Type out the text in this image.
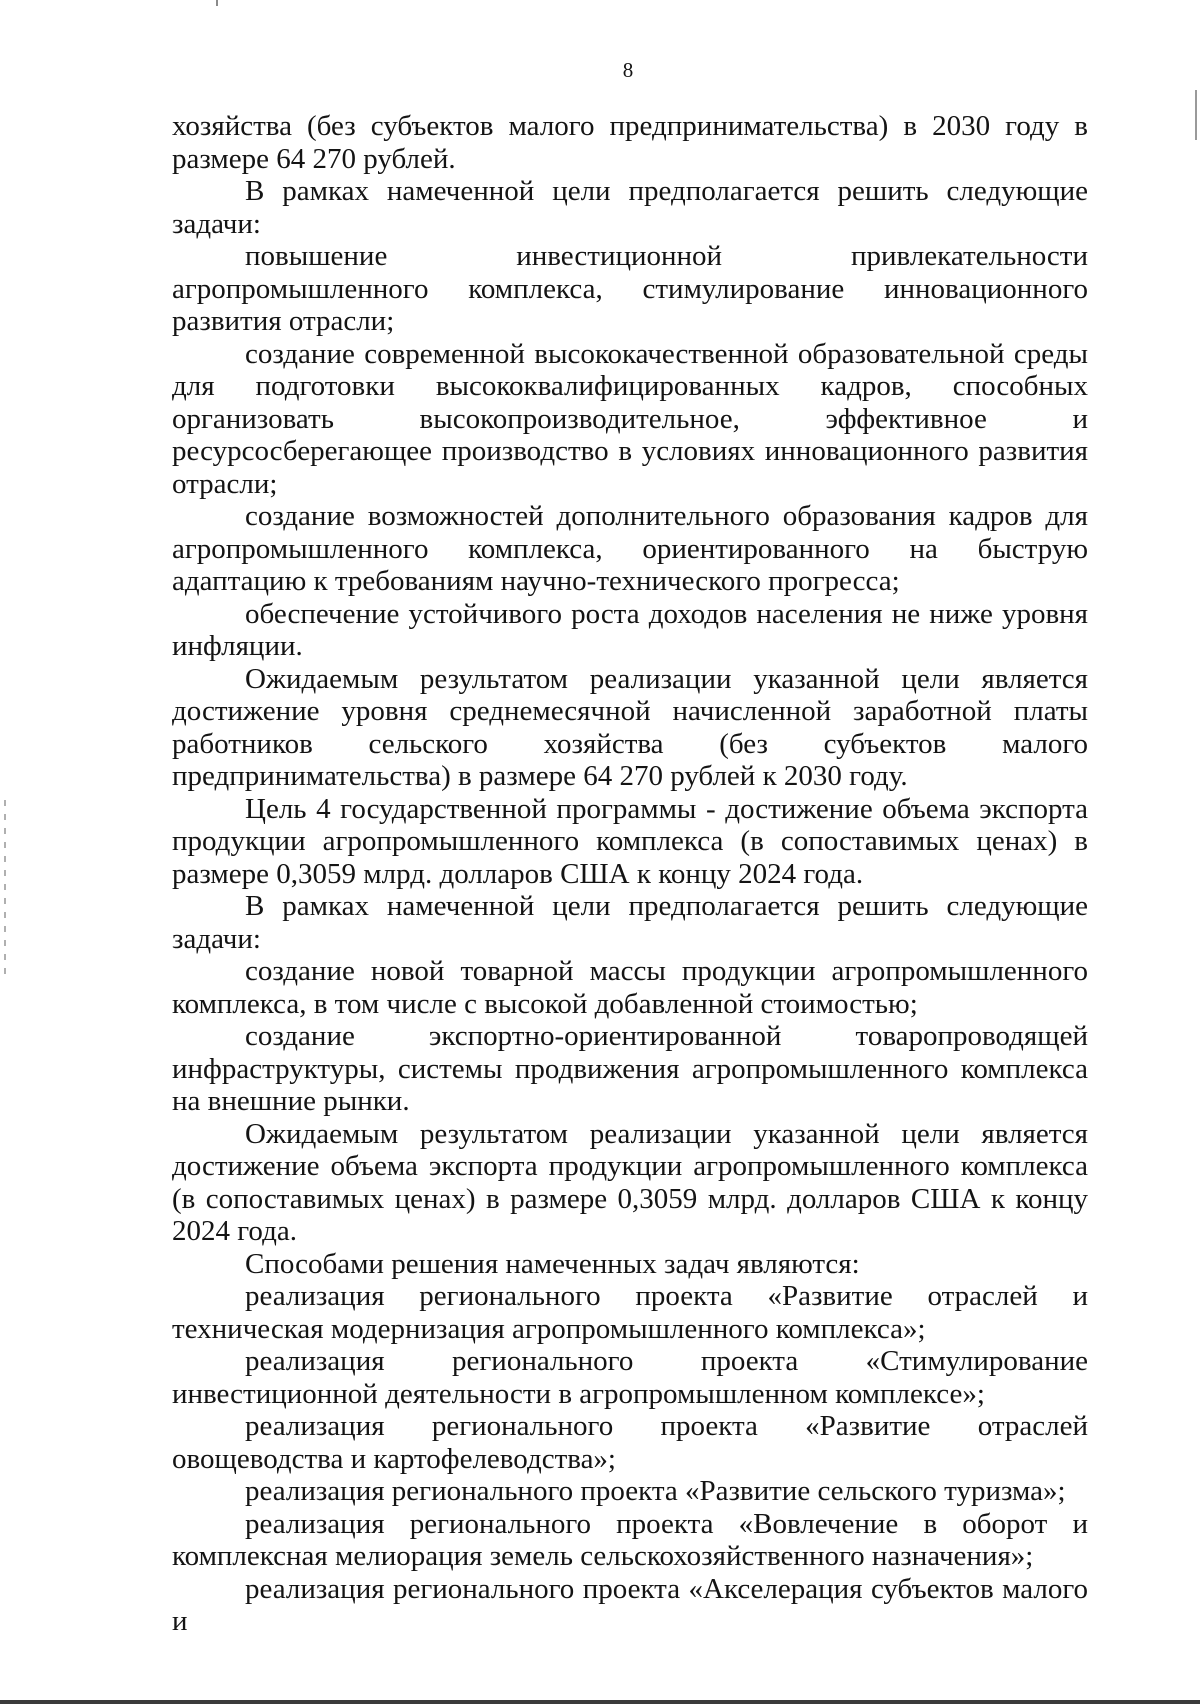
8

хозяйства (без субъектов малого предпринимательства) в 2030 году в размере 64 270 рублей.

В рамках намеченной цели предполагается решить следующие задачи:

повышение инвестиционной привлекательности агропромышленного комплекса, стимулирование инновационного развития отрасли;

создание современной высококачественной образовательной среды для подготовки высококвалифицированных кадров, способных организовать высокопроизводительное, эффективное и ресурсосберегающее производство в условиях инновационного развития отрасли;

создание возможностей дополнительного образования кадров для агропромышленного комплекса, ориентированного на быструю адаптацию к требованиям научно-технического прогресса;

обеспечение устойчивого роста доходов населения не ниже уровня инфляции.

Ожидаемым результатом реализации указанной цели является достижение уровня среднемесячной начисленной заработной платы работников сельского хозяйства (без субъектов малого предпринимательства) в размере 64 270 рублей к 2030 году.

Цель 4 государственной программы - достижение объема экспорта продукции агропромышленного комплекса (в сопоставимых ценах) в размере 0,3059 млрд. долларов США к концу 2024 года.

В рамках намеченной цели предполагается решить следующие задачи:

создание новой товарной массы продукции агропромышленного комплекса, в том числе с высокой добавленной стоимостью;

создание экспортно-ориентированной товаропроводящей инфраструктуры, системы продвижения агропромышленного комплекса на внешние рынки.

Ожидаемым результатом реализации указанной цели является достижение объема экспорта продукции агропромышленного комплекса (в сопоставимых ценах) в размере 0,3059 млрд. долларов США к концу 2024 года.

Способами решения намеченных задач являются:

реализация регионального проекта «Развитие отраслей и техническая модернизация агропромышленного комплекса»;

реализация регионального проекта «Стимулирование инвестиционной деятельности в агропромышленном комплексе»;

реализация регионального проекта «Развитие отраслей овощеводства и картофелеводства»;

реализация регионального проекта «Развитие сельского туризма»;

реализация регионального проекта «Вовлечение в оборот и комплексная мелиорация земель сельскохозяйственного назначения»;

реализация регионального проекта «Акселерация субъектов малого и
